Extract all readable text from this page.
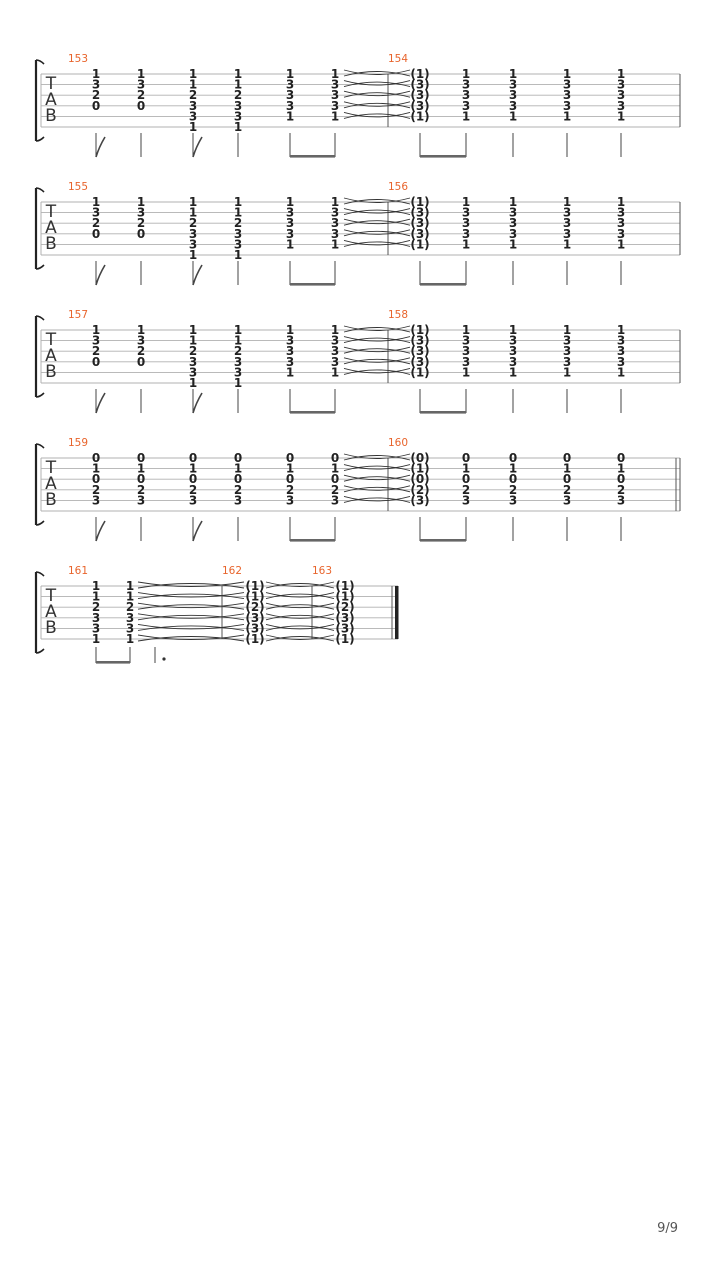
T
A
B
153
1
3
2
0
1
3
2
0
1
1
2
3
3
1
1
1
2
3
3
1
1
3
3
3
1
1
3
3
3
1
154
(1)
(3)
(3)
(3)
(1)
1
3
3
3
1
1
3
3
3
1
1
3
3
3
1
1
3
3
3
1
T
A
B
155
1
3
2
0
1
3
2
0
1
1
2
3
3
1
1
1
2
3
3
1
1
3
3
3
1
1
3
3
3
1
156
(1)
(3)
(3)
(3)
(1)
1
3
3
3
1
1
3
3
3
1
1
3
3
3
1
1
3
3
3
1
T
A
B
157
1
3
2
0
1
3
2
0
1
1
2
3
3
1
1
1
2
3
3
1
1
3
3
3
1
1
3
3
3
1
158
(1)
(3)
(3)
(3)
(1)
1
3
3
3
1
1
3
3
3
1
1
3
3
3
1
1
3
3
3
1
T
A
B
159
0
1
0
2
3
0
1
0
2
3
0
1
0
2
3
0
1
0
2
3
0
1
0
2
3
0
1
0
2
3
160
(0)
(1)
(0)
(2)
(3)
0
1
0
2
3
0
1
0
2
3
0
1
0
2
3
0
1
0
2
3
T
A
B
161
1
1
2
3
3
1
1
1
2
3
3
1
162
(1)
(1)
(2)
(3)
(3)
(1)
163
(1)
(1)
(2)
(3)
(3)
(1)
9/9
